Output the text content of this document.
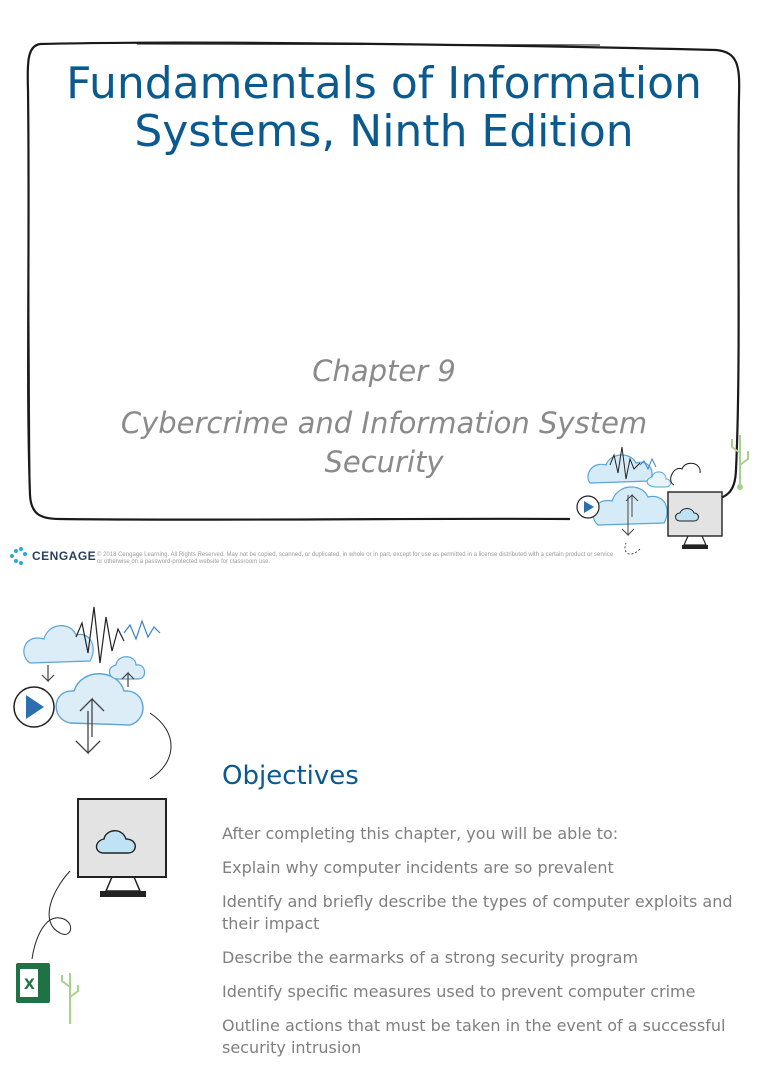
Fundamentals of Information Systems, Ninth Edition
Chapter 9
Cybercrime and Information System Security
CENGAGE © 2018 Cengage Learning. All Rights Reserved. May not be copied, scanned, or duplicated, in whole or in part, except for use as permitted in a license distributed with a certain product or service or otherwise on a password-protected website for classroom use.
X
Objectives
After completing this chapter, you will be able to:
Explain why computer incidents are so prevalent
Identify and briefly describe the types of computer exploits and their impact
Describe the earmarks of a strong security program
Identify specific measures used to prevent computer crime
Outline actions that must be taken in the event of a successful security intrusion
